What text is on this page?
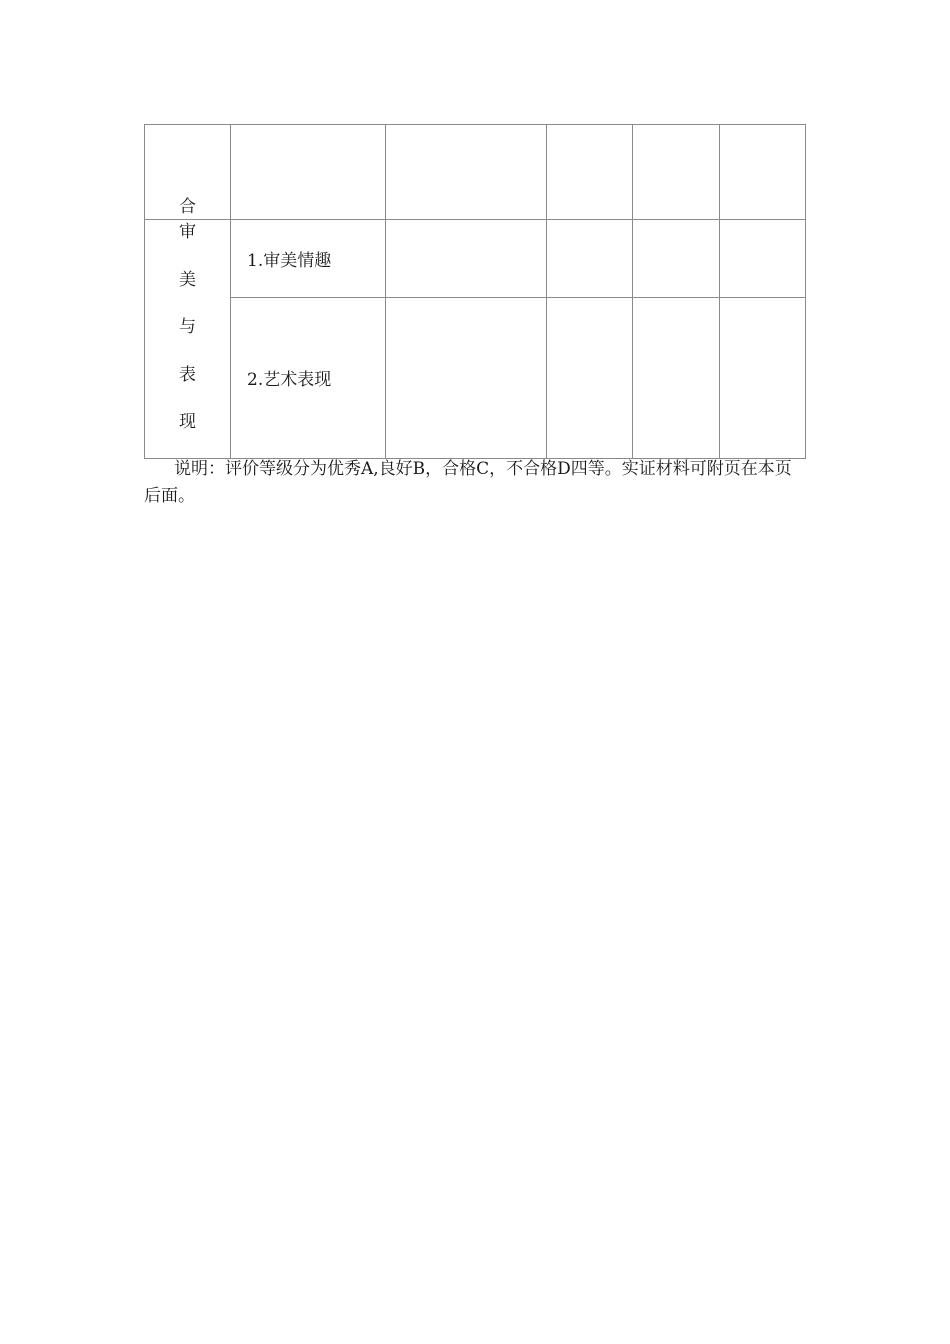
合					

审
美
与
表
现	1.审美情趣				
	2.艺术表现				

说明：评价等级分为优秀A,良好B，合格C，不合格D四等。实证材料可附页在本页后面。
